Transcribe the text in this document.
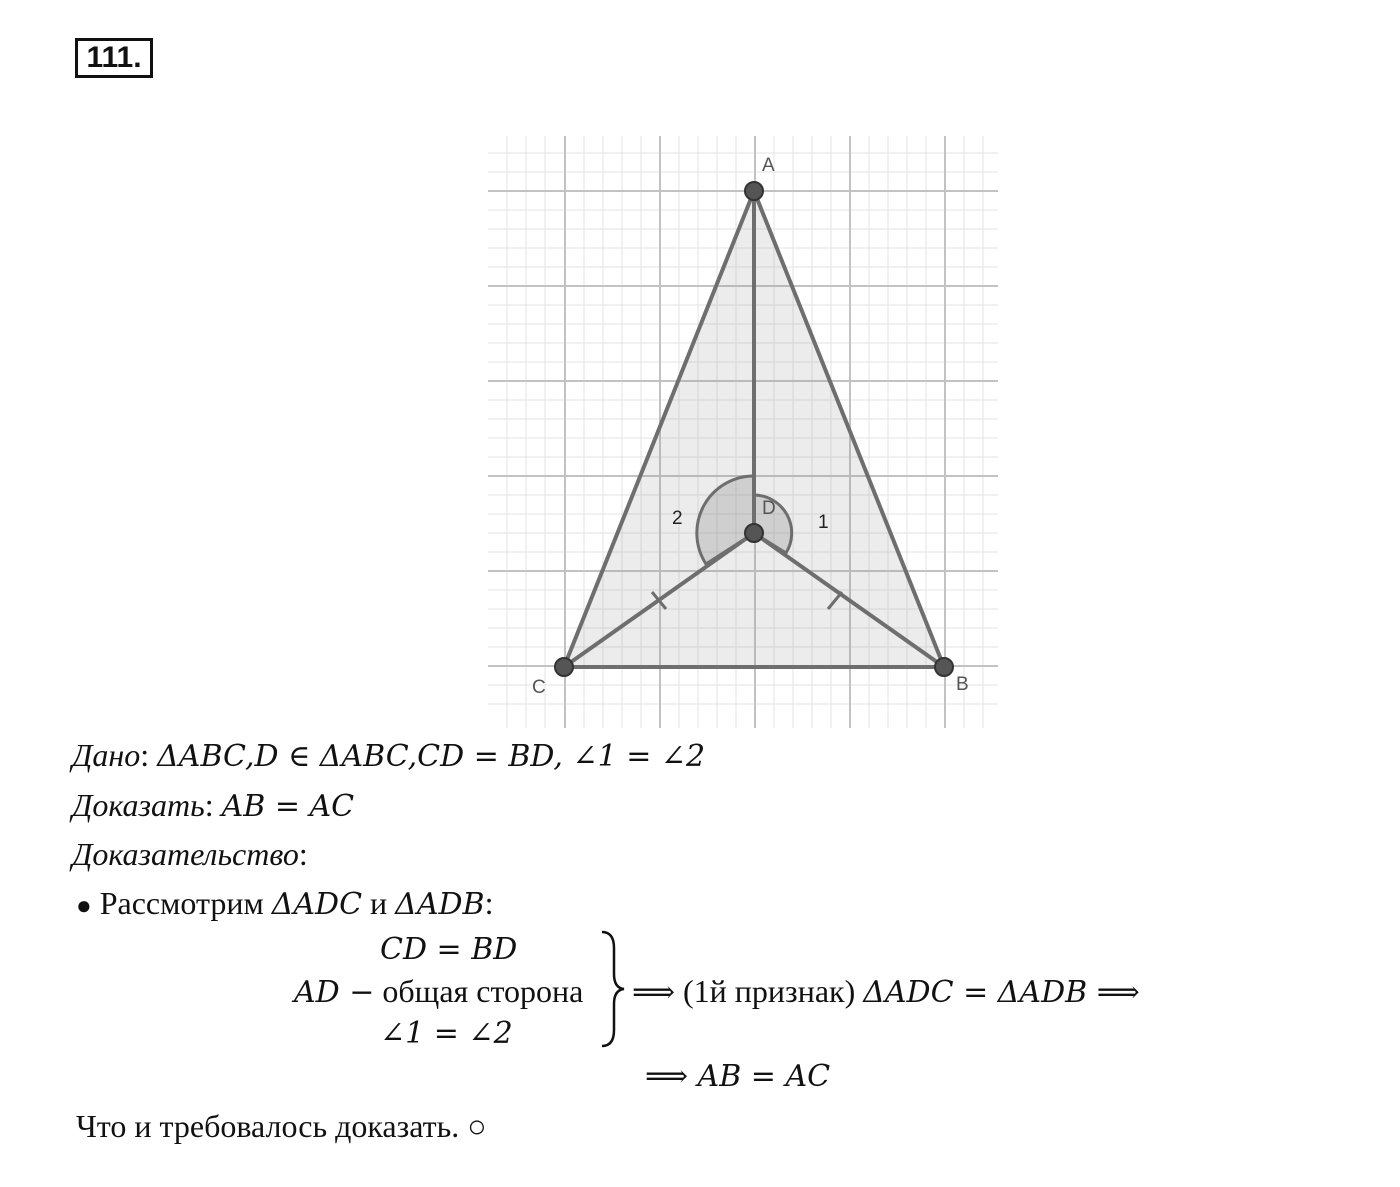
111.
A
B
C
D
1
2
Дано: ΔABC,D ∈ ΔABC,CD = BD, ∠1 = ∠2
Доказать: AB = AC
Доказательство:
● Рассмотрим ΔADC и ΔADB:
CD = BD
AD − общая сторона
∠1 = ∠2
⟹ (1й признак) ΔADC = ΔADB ⟹
⟹ AB = AC
Что и требовалось доказать. ○
